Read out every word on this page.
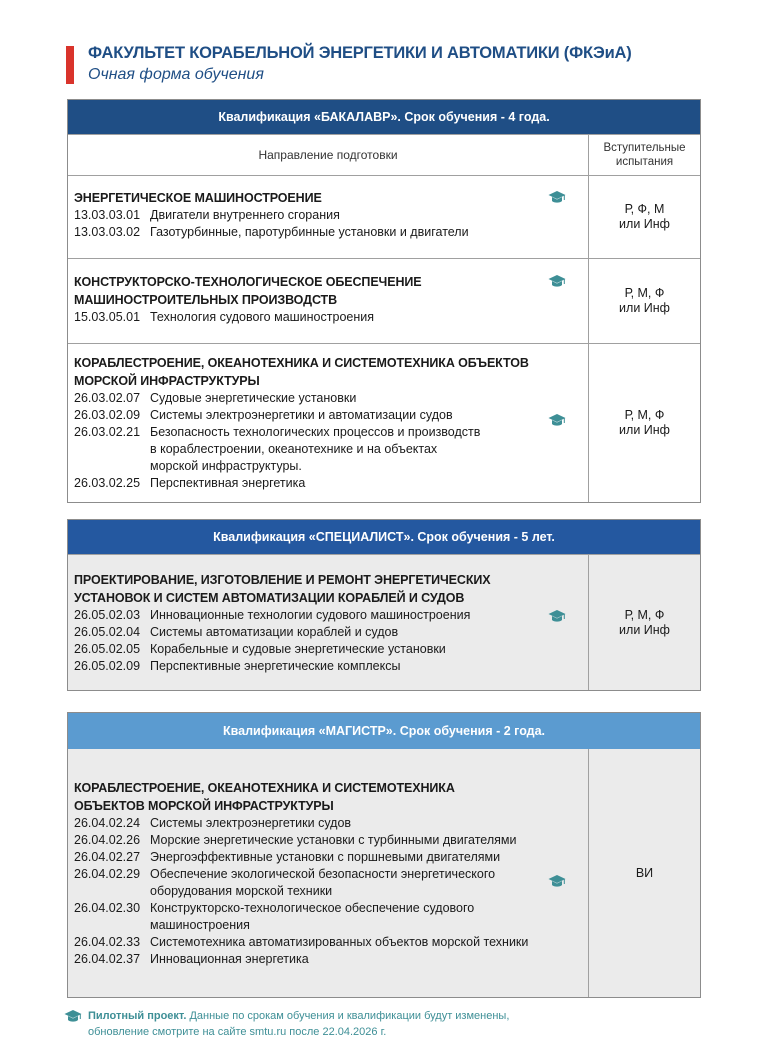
ФАКУЛЬТЕТ КОРАБЕЛЬНОЙ ЭНЕРГЕТИКИ И АВТОМАТИКИ (ФКЭиА)
Очная форма обучения
Квалификация «БАКАЛАВР». Срок обучения - 4 года.
Направление подготовки	Вступительные испытания
ЭНЕРГЕТИЧЕСКОЕ МАШИНОСТРОЕНИЕ
13.03.03.01 Двигатели внутреннего сгорания
13.03.03.02 Газотурбинные, паротурбинные установки и двигатели
Р, Ф, М
или Инф
КОНСТРУКТОРСКО-ТЕХНОЛОГИЧЕСКОЕ ОБЕСПЕЧЕНИЕ МАШИНОСТРОИТЕЛЬНЫХ ПРОИЗВОДСТВ
15.03.05.01 Технология судового машиностроения
Р, М, Ф
или Инф
КОРАБЛЕСТРОЕНИЕ, ОКЕАНОТЕХНИКА И СИСТЕМОТЕХНИКА ОБЪЕКТОВ МОРСКОЙ ИНФРАСТРУКТУРЫ
26.03.02.07 Судовые энергетические установки
26.03.02.09 Системы электроэнергетики и автоматизации судов
26.03.02.21 Безопасность технологических процессов и производств в кораблестроении, океанотехнике и на объектах морской инфраструктуры.
26.03.02.25 Перспективная энергетика
Р, М, Ф
или Инф
Квалификация «СПЕЦИАЛИСТ». Срок обучения - 5 лет.
ПРОЕКТИРОВАНИЕ, ИЗГОТОВЛЕНИЕ И РЕМОНТ ЭНЕРГЕТИЧЕСКИХ УСТАНОВОК И СИСТЕМ АВТОМАТИЗАЦИИ КОРАБЛЕЙ И СУДОВ
26.05.02.03 Инновационные технологии судового машиностроения
26.05.02.04 Системы автоматизации кораблей и судов
26.05.02.05 Корабельные и судовые энергетические установки
26.05.02.09 Перспективные энергетические комплексы
Р, М, Ф
или Инф
Квалификация «МАГИСТР». Срок обучения - 2 года.
КОРАБЛЕСТРОЕНИЕ, ОКЕАНОТЕХНИКА И СИСТЕМОТЕХНИКА
ОБЪЕКТОВ МОРСКОЙ ИНФРАСТРУКТУРЫ
26.04.02.24 Системы электроэнергетики судов
26.04.02.26 Морские энергетические установки с турбинными двигателями
26.04.02.27 Энергоэффективные установки с поршневыми двигателями
26.04.02.29 Обеспечение экологической безопасности энергетического оборудования морской техники
26.04.02.30 Конструкторско-технологическое обеспечение судового машиностроения
26.04.02.33 Системотехника автоматизированных объектов морской техники
26.04.02.37 Инновационная энергетика
ВИ
Пилотный проект. Данные по срокам обучения и квалификации будут изменены, обновление смотрите на сайте smtu.ru после 22.04.2026 г.
